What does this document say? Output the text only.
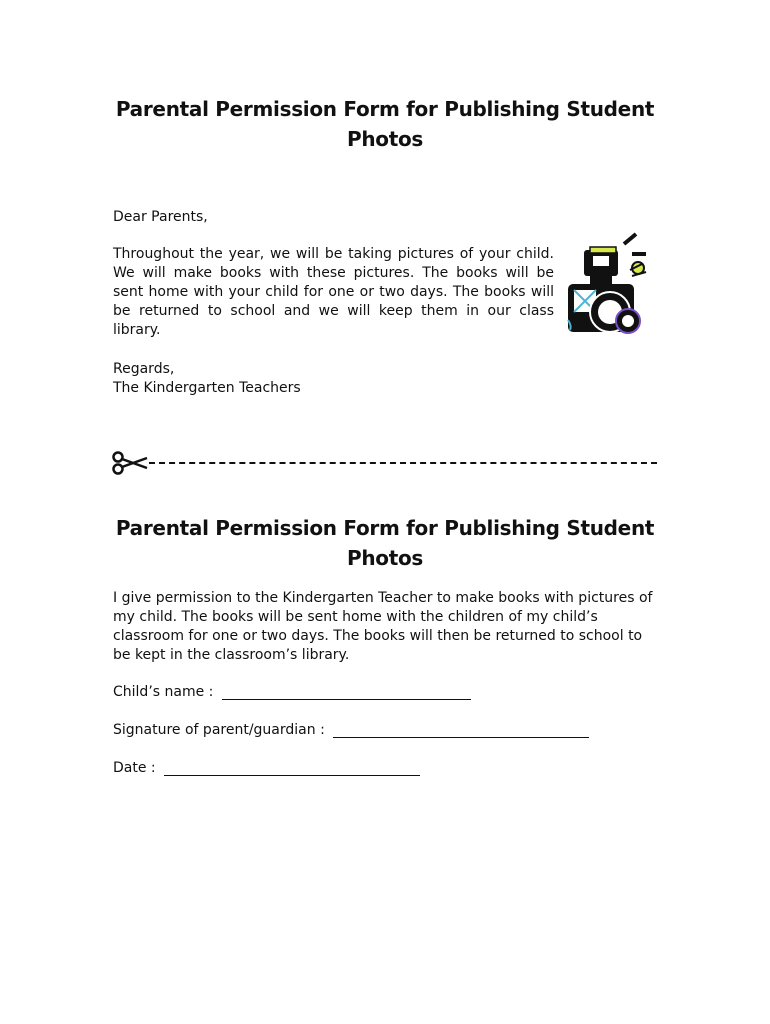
Parental Permission Form for Publishing Student Photos

Dear Parents,

Throughout the year, we will be taking pictures of your child. We will make books with these pictures. The books will be sent home with your child for one or two days. The books will be returned to school and we will keep them in our class library.

Regards,
The Kindergarten Teachers

Parental Permission Form for Publishing Student Photos

I give permission to the Kindergarten Teacher to make books with pictures of my child. The books will be sent home with the children of my child’s classroom for one or two days. The books will then be returned to school to be kept in the classroom’s library.

Child’s name :
Signature of parent/guardian :
Date :
